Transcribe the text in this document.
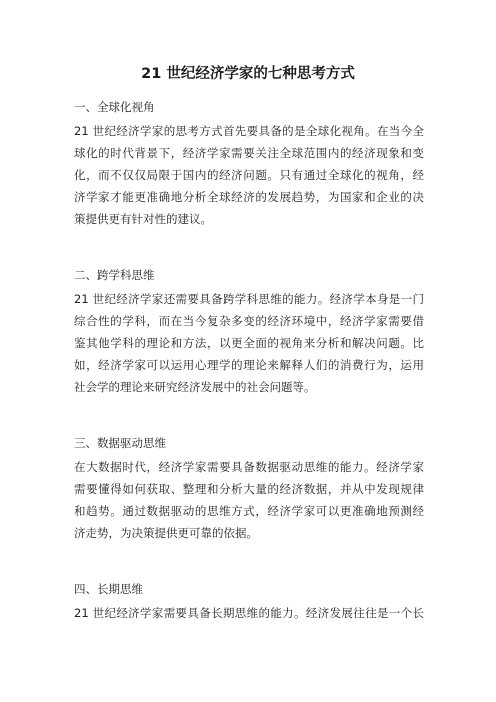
21 世纪经济学家的七种思考方式
一、全球化视角
21 世纪经济学家的思考方式首先要具备的是全球化视角。在当今全
球化的时代背景下，经济学家需要关注全球范围内的经济现象和变
化，而不仅仅局限于国内的经济问题。只有通过全球化的视角，经
济学家才能更准确地分析全球经济的发展趋势，为国家和企业的决
策提供更有针对性的建议。
二、跨学科思维
21 世纪经济学家还需要具备跨学科思维的能力。经济学本身是一门
综合性的学科，而在当今复杂多变的经济环境中，经济学家需要借
鉴其他学科的理论和方法，以更全面的视角来分析和解决问题。比
如，经济学家可以运用心理学的理论来解释人们的消费行为，运用
社会学的理论来研究经济发展中的社会问题等。
三、数据驱动思维
在大数据时代，经济学家需要具备数据驱动思维的能力。经济学家
需要懂得如何获取、整理和分析大量的经济数据，并从中发现规律
和趋势。通过数据驱动的思维方式，经济学家可以更准确地预测经
济走势，为决策提供更可靠的依据。
四、长期思维
21 世纪经济学家需要具备长期思维的能力。经济发展往往是一个长
